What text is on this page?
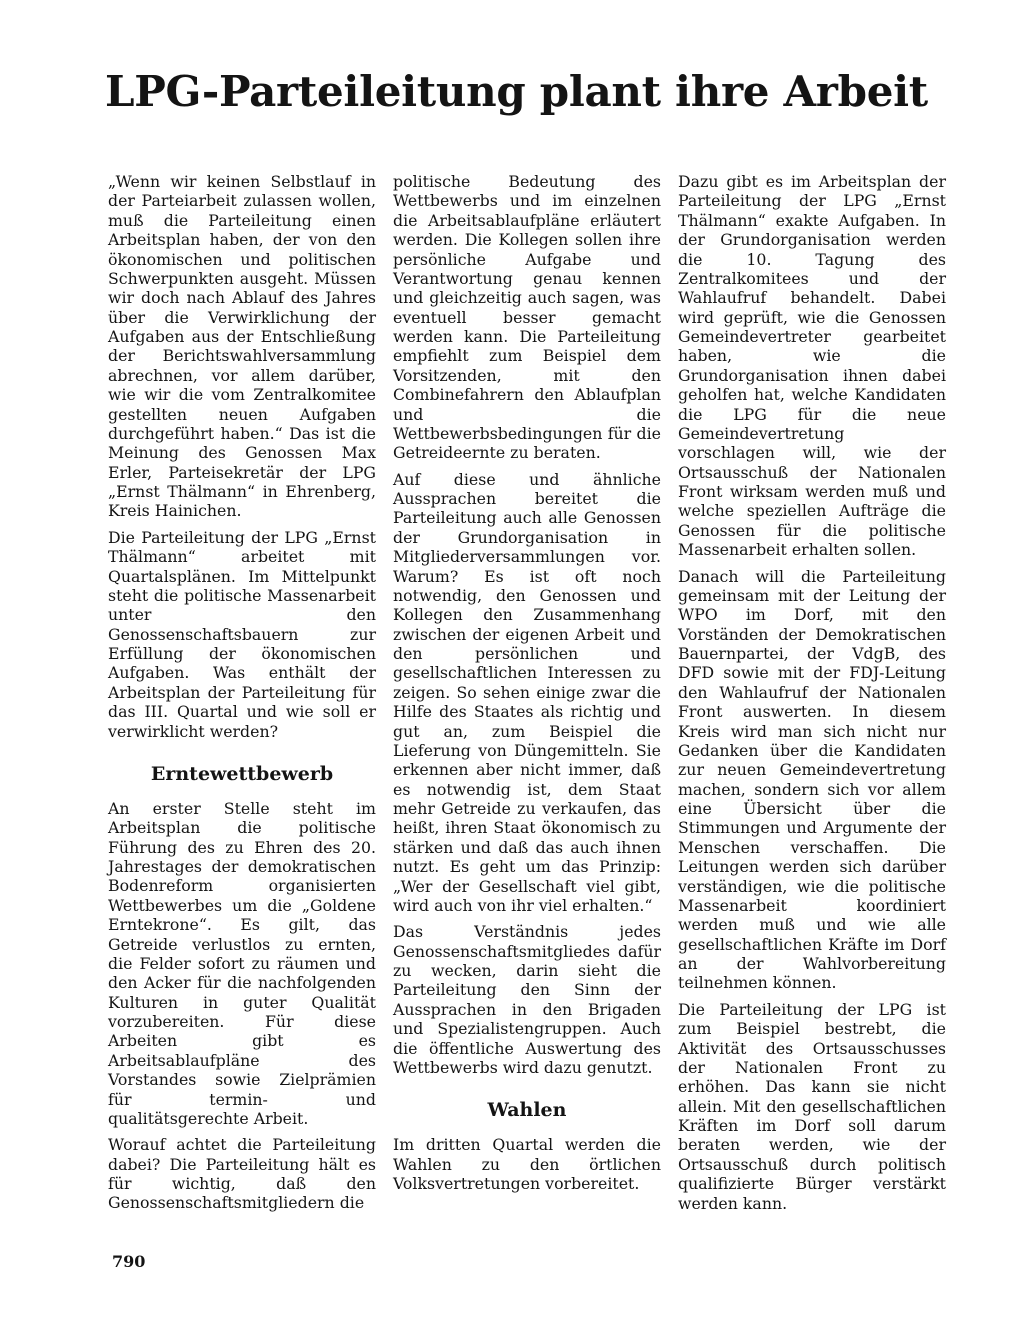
LPG-Parteileitung plant ihre Arbeit

„Wenn wir keinen Selbstlauf in der Parteiarbeit zulassen wollen, muß die Parteileitung einen Arbeitsplan haben, der von den ökonomischen und politischen Schwerpunkten ausgeht. Müssen wir doch nach Ablauf des Jahres über die Verwirklichung der Aufgaben aus der Entschließung der Berichtswahlversammlung abrechnen, vor allem darüber, wie wir die vom Zentralkomitee gestellten neuen Aufgaben durchgeführt haben.“ Das ist die Meinung des Genossen Max Erler, Parteisekretär der LPG „Ernst Thälmann“ in Ehrenberg, Kreis Hainichen.

Die Parteileitung der LPG „Ernst Thälmann“ arbeitet mit Quartalsplänen. Im Mittelpunkt steht die politische Massenarbeit unter den Genossenschaftsbauern zur Erfüllung der ökonomischen Aufgaben. Was enthält der Arbeitsplan der Parteileitung für das III. Quartal und wie soll er verwirklicht werden?

Erntewettbewerb

An erster Stelle steht im Arbeitsplan die politische Führung des zu Ehren des 20. Jahrestages der demokratischen Bodenreform organisierten Wettbewerbes um die „Goldene Erntekrone“. Es gilt, das Getreide verlustlos zu ernten, die Felder sofort zu räumen und den Acker für die nachfolgenden Kulturen in guter Qualität vorzubereiten. Für diese Arbeiten gibt es Arbeitsablaufpläne des Vorstandes sowie Zielprämien für termin- und qualitätsgerechte Arbeit.

Worauf achtet die Parteileitung dabei? Die Parteileitung hält es für wichtig, daß den Genossenschaftsmitgliedern die

politische Bedeutung des Wettbewerbs und im einzelnen die Arbeitsablaufpläne erläutert werden. Die Kollegen sollen ihre persönliche Aufgabe und Verantwortung genau kennen und gleichzeitig auch sagen, was eventuell besser gemacht werden kann. Die Parteileitung empfiehlt zum Beispiel dem Vorsitzenden, mit den Combinefahrern den Ablaufplan und die Wettbewerbsbedingungen für die Getreideernte zu beraten.

Auf diese und ähnliche Aussprachen bereitet die Parteileitung auch alle Genossen der Grundorganisation in Mitgliederversammlungen vor. Warum? Es ist oft noch notwendig, den Genossen und Kollegen den Zusammenhang zwischen der eigenen Arbeit und den persönlichen und gesellschaftlichen Interessen zu zeigen. So sehen einige zwar die Hilfe des Staates als richtig und gut an, zum Beispiel die Lieferung von Düngemitteln. Sie erkennen aber nicht immer, daß es notwendig ist, dem Staat mehr Getreide zu verkaufen, das heißt, ihren Staat ökonomisch zu stärken und daß das auch ihnen nutzt. Es geht um das Prinzip: „Wer der Gesellschaft viel gibt, wird auch von ihr viel erhalten.“

Das Verständnis jedes Genossenschaftsmitgliedes dafür zu wecken, darin sieht die Parteileitung den Sinn der Aussprachen in den Brigaden und Spezialistengruppen. Auch die öffentliche Auswertung des Wettbewerbs wird dazu genutzt.

Wahlen

Im dritten Quartal werden die Wahlen zu den örtlichen Volksvertretungen vorbereitet.

Dazu gibt es im Arbeitsplan der Parteileitung der LPG „Ernst Thälmann“ exakte Aufgaben. In der Grundorganisation werden die 10. Tagung des Zentralkomitees und der Wahlaufruf behandelt. Dabei wird geprüft, wie die Genossen Gemeindevertreter gearbeitet haben, wie die Grundorganisation ihnen dabei geholfen hat, welche Kandidaten die LPG für die neue Gemeindevertretung vorschlagen will, wie der Ortsausschuß der Nationalen Front wirksam werden muß und welche speziellen Aufträge die Genossen für die politische Massenarbeit erhalten sollen.

Danach will die Parteileitung gemeinsam mit der Leitung der WPO im Dorf, mit den Vorständen der Demokratischen Bauernpartei, der VdgB, des DFD sowie mit der FDJ-Leitung den Wahlaufruf der Nationalen Front auswerten. In diesem Kreis wird man sich nicht nur Gedanken über die Kandidaten zur neuen Gemeindevertretung machen, sondern sich vor allem eine Übersicht über die Stimmungen und Argumente der Menschen verschaffen. Die Leitungen werden sich darüber verständigen, wie die politische Massenarbeit koordiniert werden muß und wie alle gesellschaftlichen Kräfte im Dorf an der Wahlvorbereitung teilnehmen können.

Die Parteileitung der LPG ist zum Beispiel bestrebt, die Aktivität des Ortsausschusses der Nationalen Front zu erhöhen. Das kann sie nicht allein. Mit den gesellschaftlichen Kräften im Dorf soll darum beraten werden, wie der Ortsausschuß durch politisch qualifizierte Bürger verstärkt werden kann.

790
